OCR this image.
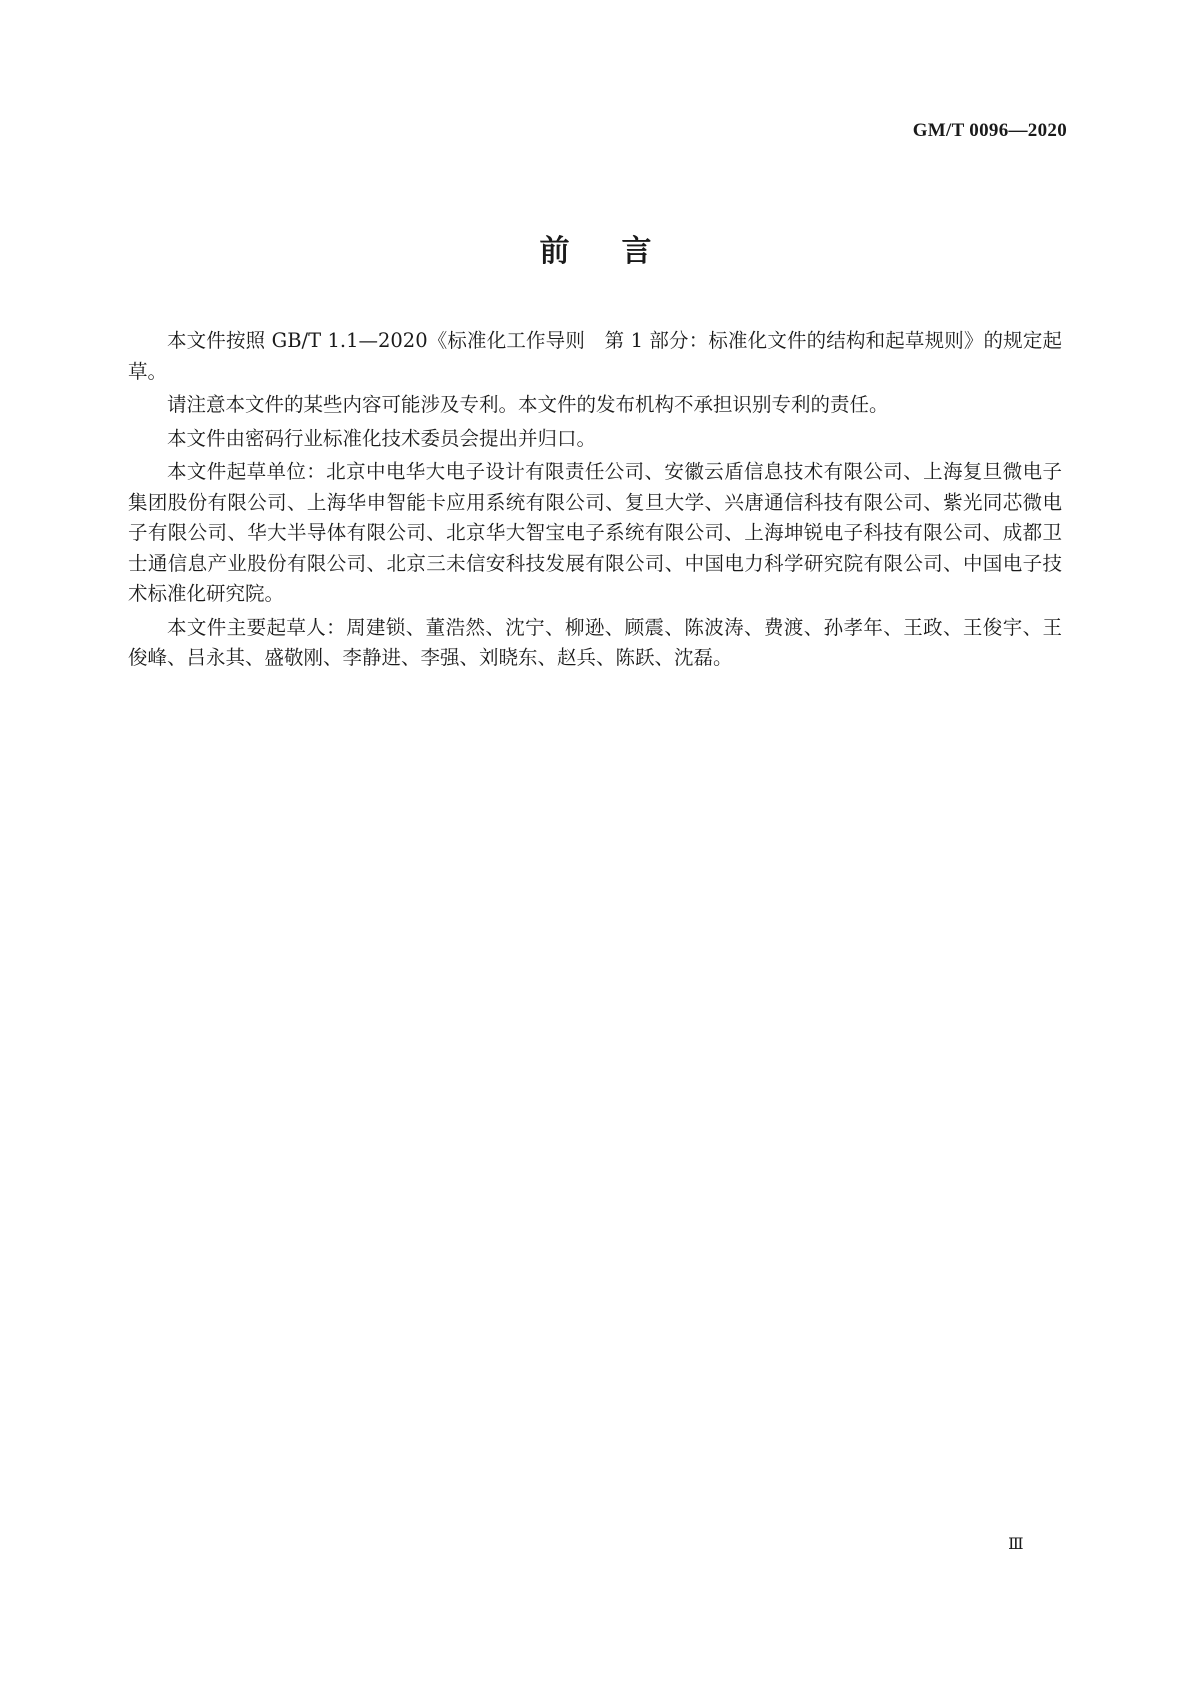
GM/T 0096—2020
前言

本文件按照 GB/T 1.1—2020《标准化工作导则　第 1 部分：标准化文件的结构和起草规则》的规定起草。

请注意本文件的某些内容可能涉及专利。本文件的发布机构不承担识别专利的责任。

本文件由密码行业标准化技术委员会提出并归口。

本文件起草单位：北京中电华大电子设计有限责任公司、安徽云盾信息技术有限公司、上海复旦微电子集团股份有限公司、上海华申智能卡应用系统有限公司、复旦大学、兴唐通信科技有限公司、紫光同芯微电子有限公司、华大半导体有限公司、北京华大智宝电子系统有限公司、上海坤锐电子科技有限公司、成都卫士通信息产业股份有限公司、北京三未信安科技发展有限公司、中国电力科学研究院有限公司、中国电子技术标准化研究院。

本文件主要起草人：周建锁、董浩然、沈宁、柳逊、顾震、陈波涛、费渡、孙孝年、王政、王俊宇、王俊峰、吕永其、盛敬刚、李静进、李强、刘晓东、赵兵、陈跃、沈磊。

Ⅲ
